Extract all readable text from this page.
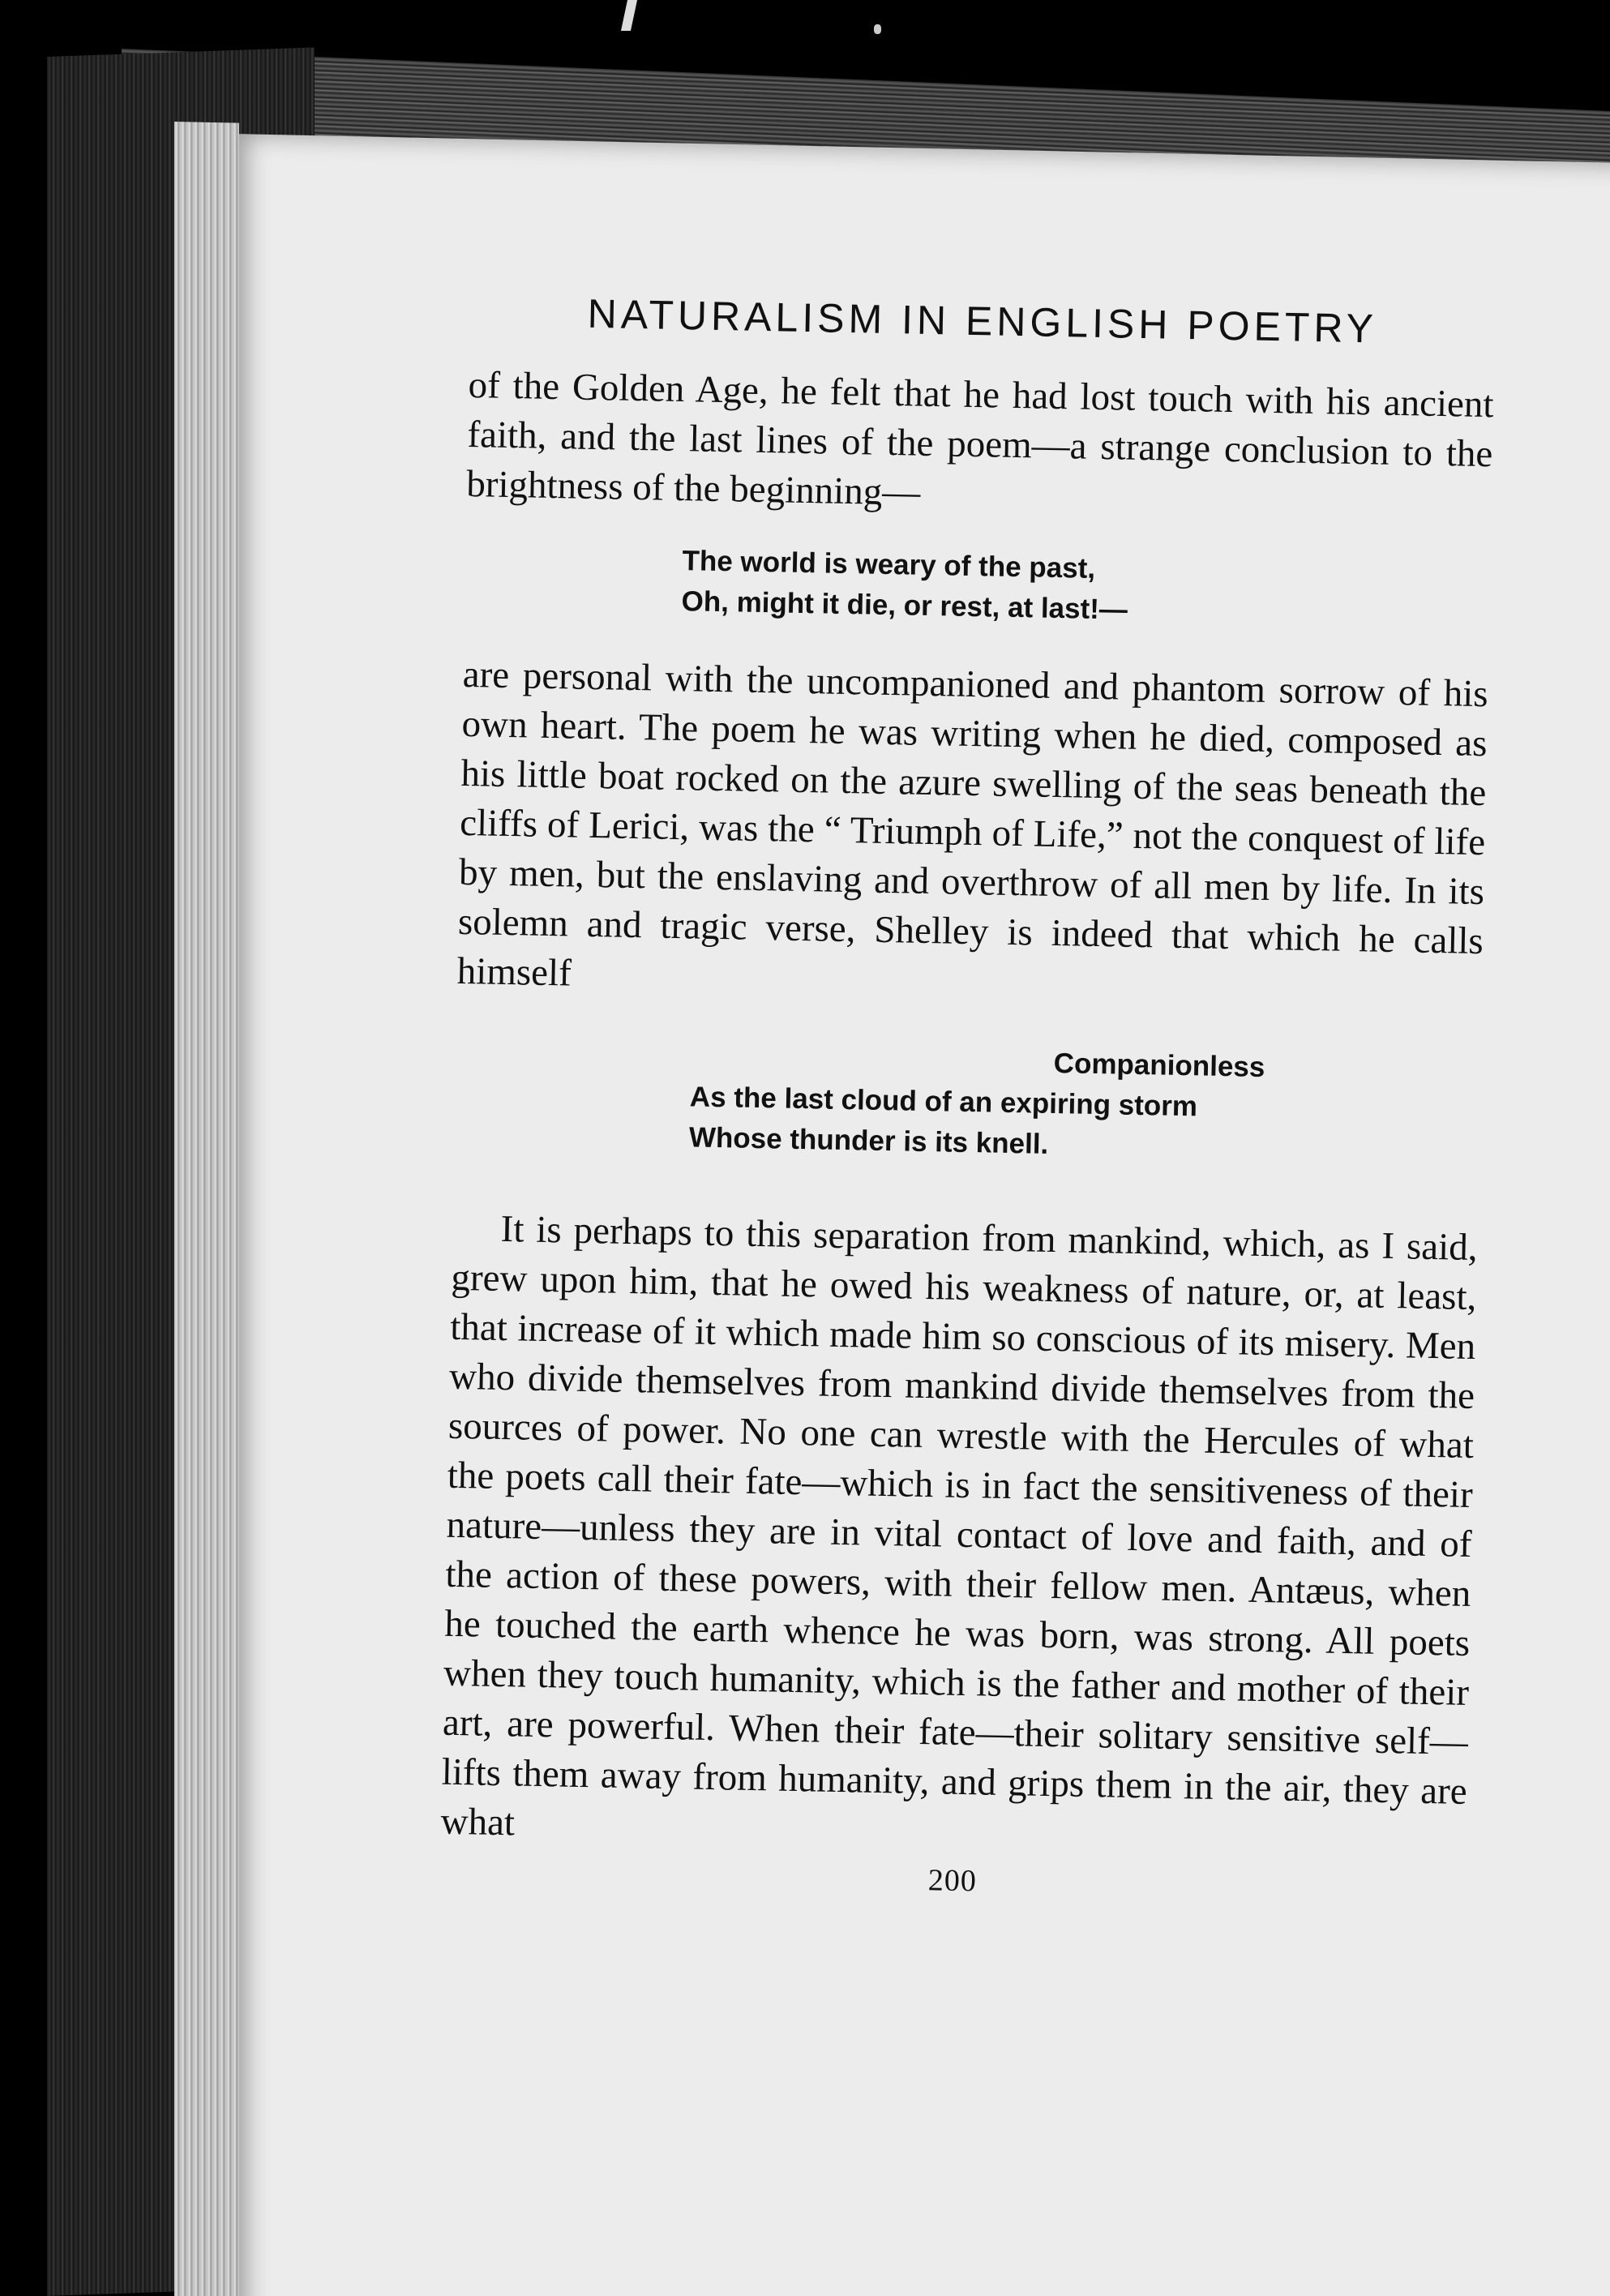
NATURALISM IN ENGLISH POETRY

of the Golden Age, he felt that he had lost touch with his ancient faith, and the last lines of the poem—a strange conclusion to the brightness of the beginning—

The world is weary of the past,
Oh, might it die, or rest, at last!—

are personal with the uncompanioned and phantom sorrow of his own heart. The poem he was writing when he died, composed as his little boat rocked on the azure swelling of the seas beneath the cliffs of Lerici, was the “ Triumph of Life,” not the conquest of life by men, but the enslaving and overthrow of all men by life. In its solemn and tragic verse, Shelley is indeed that which he calls himself

Companionless
As the last cloud of an expiring storm
Whose thunder is its knell.

It is perhaps to this separation from mankind, which, as I said, grew upon him, that he owed his weakness of nature, or, at least, that increase of it which made him so conscious of its misery. Men who divide themselves from mankind divide themselves from the sources of power. No one can wrestle with the Hercules of what the poets call their fate—which is in fact the sensitiveness of their nature—unless they are in vital contact of love and faith, and of the action of these powers, with their fellow men. Antæus, when he touched the earth whence he was born, was strong. All poets when they touch humanity, which is the father and mother of their art, are powerful. When their fate—their solitary sensitive self—lifts them away from humanity, and grips them in the air, they are what

200
